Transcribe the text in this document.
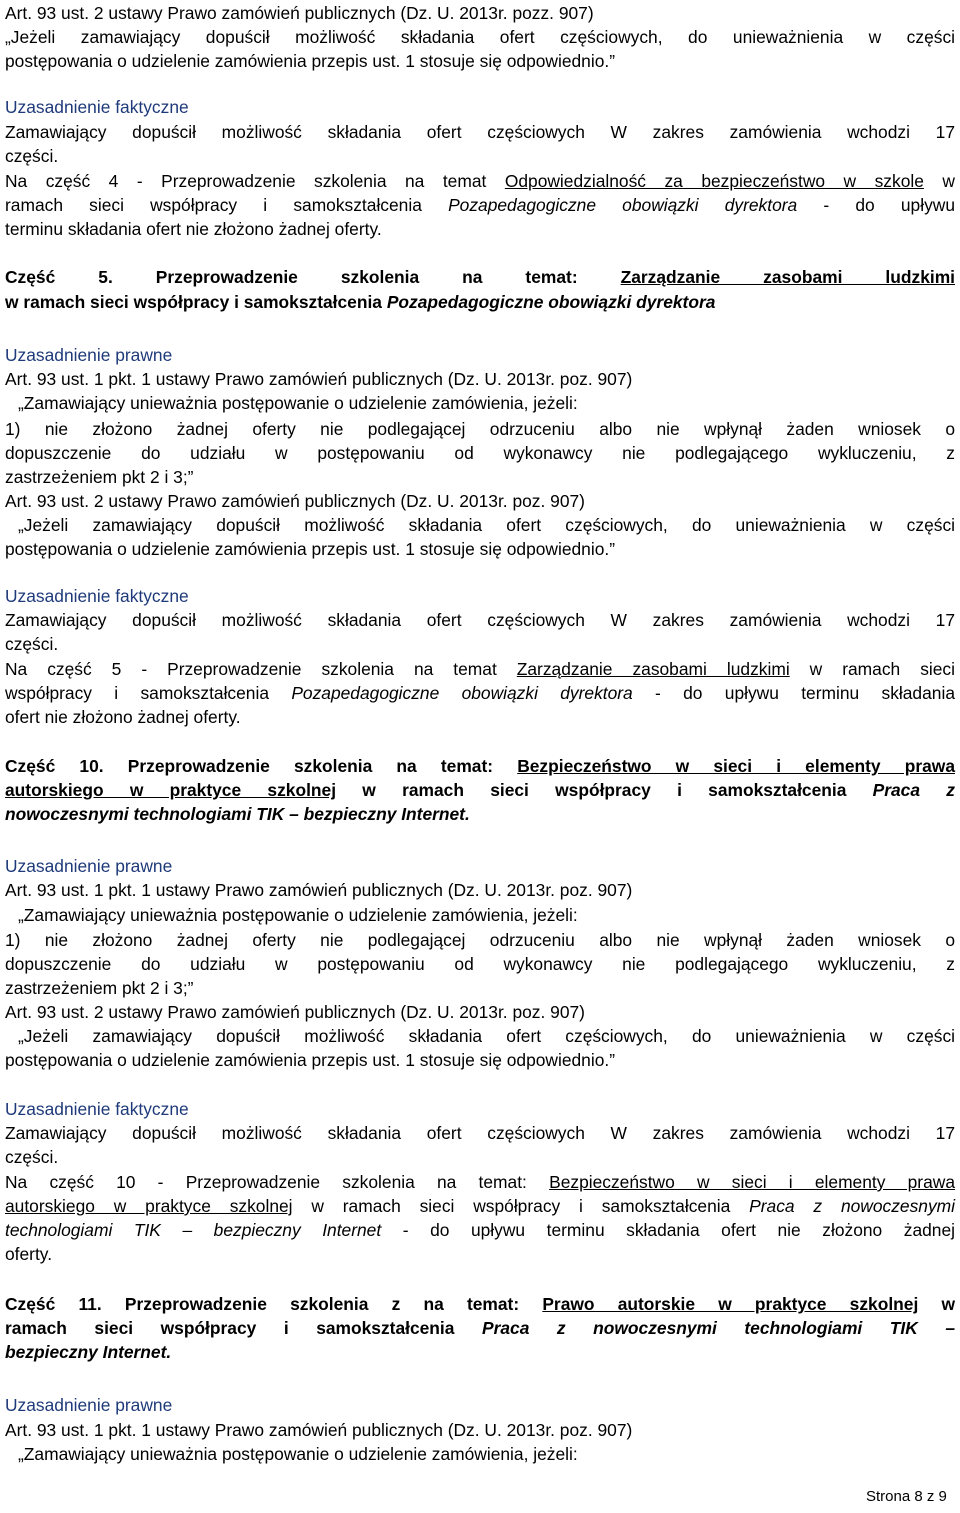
Art. 93 ust. 2 ustawy Prawo zamówień publicznych (Dz. U. 2013r. pozz. 907)
„Jeżeli zamawiający dopuścił możliwość składania ofert częściowych, do unieważnienia w części
postępowania o udzielenie zamówienia przepis ust. 1 stosuje się odpowiednio.”
Uzasadnienie faktyczne
Zamawiający dopuścił możliwość składania ofert częściowych W zakres zamówienia wchodzi 17
części.
Na część 4 - Przeprowadzenie szkolenia na temat Odpowiedzialność za bezpieczeństwo w szkole w
ramach sieci współpracy i samokształcenia Pozapedagogiczne obowiązki dyrektora - do upływu
terminu składania ofert nie złożono żadnej oferty.
Część 5. Przeprowadzenie szkolenia na temat: Zarządzanie zasobami ludzkimi
w ramach sieci współpracy i samokształcenia Pozapedagogiczne obowiązki dyrektora
Uzasadnienie prawne
Art. 93 ust. 1 pkt. 1 ustawy Prawo zamówień publicznych (Dz. U. 2013r. poz. 907)
„Zamawiający unieważnia postępowanie o udzielenie zamówienia, jeżeli:
1) nie złożono żadnej oferty nie podlegającej odrzuceniu albo nie wpłynął żaden wniosek o
dopuszczenie do udziału w postępowaniu od wykonawcy nie podlegającego wykluczeniu, z
zastrzeżeniem pkt 2 i 3;”
Art. 93 ust. 2 ustawy Prawo zamówień publicznych (Dz. U. 2013r. poz. 907)
„Jeżeli zamawiający dopuścił możliwość składania ofert częściowych, do unieważnienia w części
postępowania o udzielenie zamówienia przepis ust. 1 stosuje się odpowiednio.”
Uzasadnienie faktyczne
Zamawiający dopuścił możliwość składania ofert częściowych W zakres zamówienia wchodzi 17
części.
Na część 5 - Przeprowadzenie szkolenia na temat Zarządzanie zasobami ludzkimi w ramach sieci
współpracy i samokształcenia Pozapedagogiczne obowiązki dyrektora - do upływu terminu składania
ofert nie złożono żadnej oferty.
Część 10. Przeprowadzenie szkolenia na temat: Bezpieczeństwo w sieci i elementy prawa
autorskiego w praktyce szkolnej w ramach sieci współpracy i samokształcenia Praca z
nowoczesnymi technologiami TIK – bezpieczny Internet.
Uzasadnienie prawne
Art. 93 ust. 1 pkt. 1 ustawy Prawo zamówień publicznych (Dz. U. 2013r. poz. 907)
„Zamawiający unieważnia postępowanie o udzielenie zamówienia, jeżeli:
1) nie złożono żadnej oferty nie podlegającej odrzuceniu albo nie wpłynął żaden wniosek o
dopuszczenie do udziału w postępowaniu od wykonawcy nie podlegającego wykluczeniu, z
zastrzeżeniem pkt 2 i 3;”
Art. 93 ust. 2 ustawy Prawo zamówień publicznych (Dz. U. 2013r. poz. 907)
„Jeżeli zamawiający dopuścił możliwość składania ofert częściowych, do unieważnienia w części
postępowania o udzielenie zamówienia przepis ust. 1 stosuje się odpowiednio.”
Uzasadnienie faktyczne
Zamawiający dopuścił możliwość składania ofert częściowych W zakres zamówienia wchodzi 17
części.
Na część 10 - Przeprowadzenie szkolenia na temat: Bezpieczeństwo w sieci i elementy prawa
autorskiego w praktyce szkolnej w ramach sieci współpracy i samokształcenia Praca z nowoczesnymi
technologiami TIK – bezpieczny Internet - do upływu terminu składania ofert nie złożono żadnej
oferty.
Część 11. Przeprowadzenie szkolenia z na temat: Prawo autorskie w praktyce szkolnej w
ramach sieci współpracy i samokształcenia Praca z nowoczesnymi technologiami TIK –
bezpieczny Internet.
Uzasadnienie prawne
Art. 93 ust. 1 pkt. 1 ustawy Prawo zamówień publicznych (Dz. U. 2013r. poz. 907)
„Zamawiający unieważnia postępowanie o udzielenie zamówienia, jeżeli:
Strona 8 z 9
